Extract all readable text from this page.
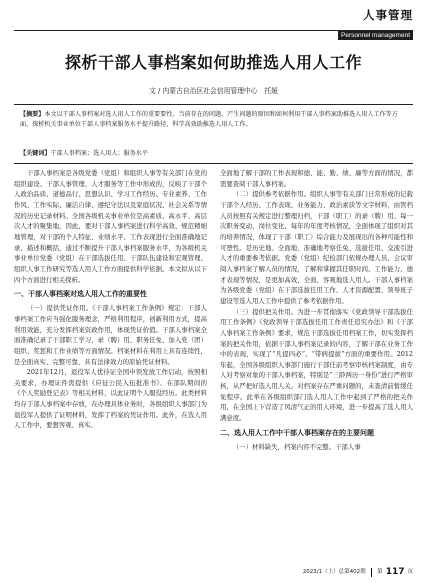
人事管理
Personnel management
探析干部人事档案如何助推选人用人工作
文 / 内蒙古自治区社会信用管理中心　托娅
【摘要】本文以干部人事档案对选人用人工作的重要要性、当前存在的问题、产生问题的原因和如何利用干部人事档案助推选人用人工作等方面，探析机关事业单位干部人事档案服务水平提升路径，科学高效助推选人用人工作。
【关键词】干部人事档案；选人用人；服务水平

干部人事档案是各级党委（党组）和组织人事等有关部门在党的组织建设、干部人事管理、人才服务等工作中形成的，反映了干部个人政治品质、道德品行、思想认识、学习工作经历、专业素养、工作作风、工作实际、廉洁自律、遵纪守法以及家庭状况、社会关系等情况的历史记录材料。全国各级机关事业单位是高素质、高水平、高层次人才的聚集地，因此，要对干部人事档案进行科学高效、规范精细地管理，对干部的个人特征、业绩水平、工作表现进行全面准确地记录、描述和概括，通过不断提升干部人事档案服务水平，为各级机关事业单位党委（党组）在干部选拔任用、干部队伍建设和宏观管理、组织人事工作研究等选人用人工作方面提供科学依据。本文拟从以下四个方面进行相关探析。

一、干部人事档案对选人用人工作的重要性

（一）提供凭证作用。《干部人事档案工作条例》规定：干部人事档案工作应当强化服务理念，严格利用程序，创新利用方式，提高利用效能，充分发挥档案资政作用，体现凭证价值。干部人事档案全面准确记录了干部职工学习、录（聘）用、职务任免、加入党（团）组织、奖惩和工作业绩等方面情况。档案材料在利用上具有连续性，是全面真实、完整可靠、具有法律效力的原始凭证材料。

2021年12月，退役军人优待证全国申领发放工作启动，按照相关要求，办理证件需提供《应征公民入伍批准书》、在部队期间的《个人奖励登记表》等相关材料，以此证明个人服役经历。此类材料均存于部人事档案中存放，在办理具体业务时，各级组织人事部门为退役军人提供了证明材料，发挥了档案的凭证作用。此外，在选人用人工作中，要想客观、真实、

全面地了解干部的工作表现和德、能、勤、绩、廉等方面的情况，都需要查阅干部人事档案。

（二）提供参考依据作用。组织人事等有关部门日常形成的记载干部个人经历、工作表现、业务能力、政治素质等文字材料，由管档人员按照有关规定进行整理归档，干部（职工）的录（聘）用、每一次职务变动、岗位变化，每年的年度考核情况，全面体现了组织对其的培养情况，体现了干部（职工）综合能力及展现出的各种可能性和可塑性。是历史地、全面地、准确地考察任免、选拔任用、交流引进人才的重要参考依据。党委（党组）纪检部门依规办理人员、会议审阅人事档案了解人员的情况，了解和掌握其任职时间、工作能力、德才表现等情况，是更加高效、全面、客观地选人用人。干部人事档案为各级党委（党组）在干部选拔任用工作、人才资源配置、领导班子建设等选人用人工作中提供了参考依据作用。

（三）提供把关作用。为进一步贯彻落实《党政领导干部选拔任用工作条例》《党政领导干部选拔任用工作责任追究办法》和《干部人事档案工作条例》要求，规范干部选拔任用档案工作，切实发挥档案的把关作用，依据干部人事档案记录的内容，了解干部在业务工作中的表现，实现了“凡提四必”、“带病提拔”方面的重要作用。2012年起，全国各级组织人事部门施行干部任前考察审核档案制度，由专人对考察对象的干部人事档案，特别是“三龄两历一身份”进行严格审核，从严把好选人用人关。对档案存在严重问题的，未查清前暂缓任免程序。此举在各级组织部门选人用人工作中起到了严格的把关作用，在全国上下营造了风清气正的用人环境，进一步提高了选人用人满意度。

二、选人用人工作中干部人事档案存在的主要问题

（一）材料缺失，档案内容不完整。干部人事

2023/1（上）总第402期 第 117 页
